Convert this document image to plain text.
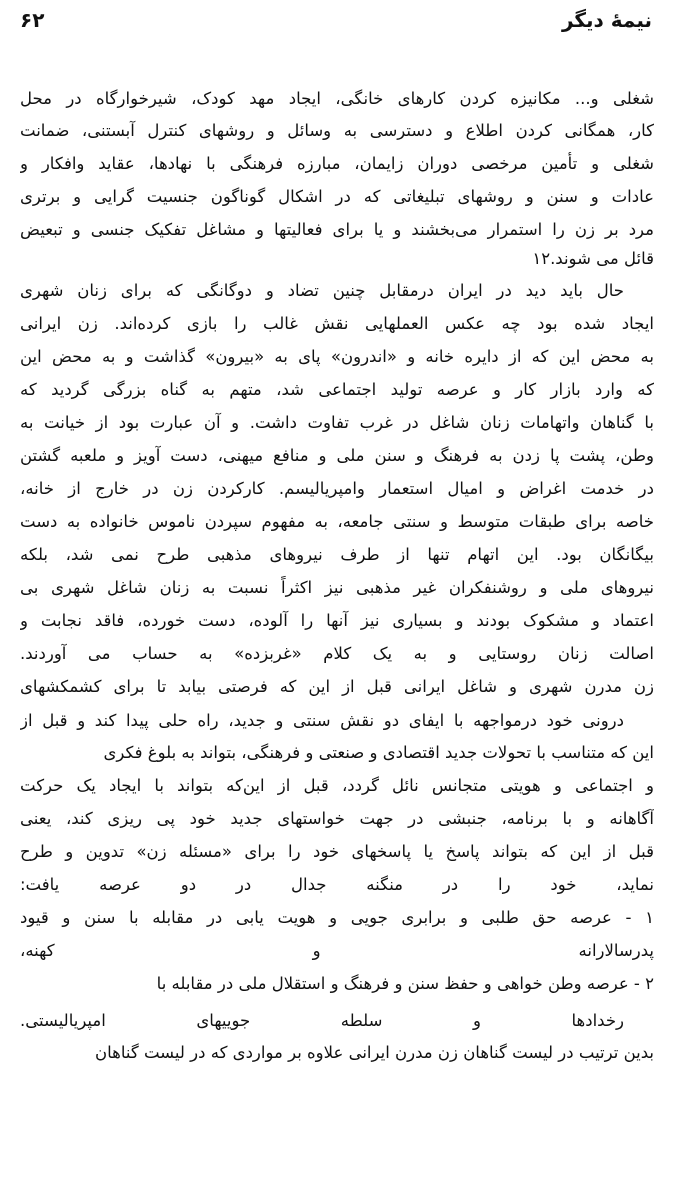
نیمهٔ دیگر
۶۲
شغلی و... مکانیزه کردن کارهای خانگی، ایجاد مهد کودک، شیرخوارگاه در محل
کار، همگانی کردن اطلاع و دسترسی به وسائل و روشهای کنترل آبستنی، ضمانت
شغلی و تأمین مرخصی دوران زایمان، مبارزه فرهنگی با نهادها، عقاید وافکار و
عادات و سنن و روشهای تبلیغاتی که در اشکال گوناگون جنسیت گرایی و برتری
مرد بر زن را استمرار می‌بخشند و یا برای فعالیتها و مشاغل تفکیک جنسی و تبعیض
قائل می شوند.۱۲
حال باید دید در ایران درمقابل چنین تضاد و دوگانگی که برای زنان شهری
ایجاد شده بود چه عکس العملهایی نقش غالب را بازی کرده‌اند. زن ایرانی
به محض این که از دایره خانه و «اندرون» پای به «بیرون» گذاشت و به محض این
که وارد بازار کار و عرصه تولید اجتماعی شد، متهم به گناه بزرگی گردید که
با گناهان واتهامات زنان شاغل در غرب تفاوت داشت. و آن عبارت بود از خیانت به
وطن، پشت پا زدن به فرهنگ و سنن ملی و منافع میهنی، دست آویز و ملعبه گشتن
در خدمت اغراض و امیال استعمار وامپریالیسم. کارکردن زن در خارج از خانه،
خاصه برای طبقات متوسط و سنتی جامعه، به مفهوم سپردن ناموس خانواده به دست
بیگانگان بود. این اتهام تنها از طرف نیروهای مذهبی طرح نمی شد، بلکه
نیروهای ملی و روشنفکران غیر مذهبی نیز اکثراً نسبت به زنان شاغل شهری بی
اعتماد و مشکوک بودند و بسیاری نیز آنها را آلوده، دست خورده، فاقد نجابت و
اصالت زنان روستایی و به یک کلام «غربزده» به حساب می آوردند.
زن مدرن شهری و شاغل ایرانی قبل از این که فرصتی بیابد تا برای کشمکشهای
درونی خود درمواجهه با ایفای دو نقش سنتی و جدید، راه حلی پیدا کند و قبل از
این که متناسب با تحولات جدید اقتصادی و صنعتی و فرهنگی، بتواند به بلوغ فکری
و اجتماعی و هویتی متجانس نائل گردد، قبل از این‌که بتواند با ایجاد یک حرکت
آگاهانه و با برنامه، جنبشی در جهت خواستهای جدید خود پی ریزی کند، یعنی
قبل از این که بتواند پاسخ یا پاسخهای خود را برای «مسئله زن» تدوین و طرح
نماید، خود را در منگنه جدال در دو عرصه یافت:
۱ - عرصه حق طلبی و برابری جویی و هویت یابی در مقابله با سنن و قیود
پدرسالارانه و کهنه،
۲ - عرصه وطن خواهی و حفظ سنن و فرهنگ و استقلال ملی در مقابله با
رخدادها و سلطه جوییهای امپریالیستی.
بدین ترتیب در لیست گناهان زن مدرن ایرانی علاوه بر مواردی که در لیست گناهان
